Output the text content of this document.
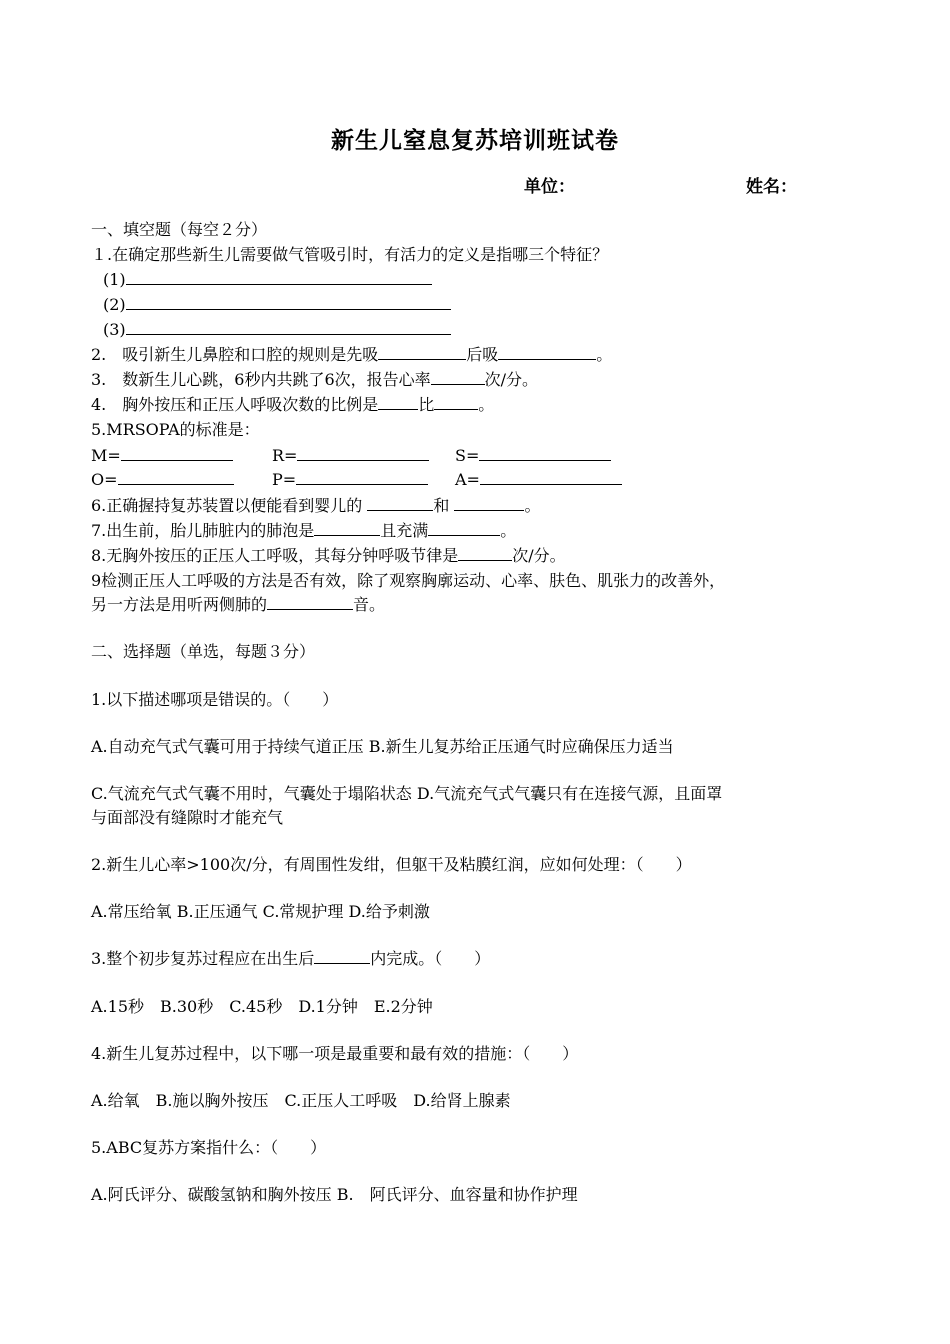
新生儿窒息复苏培训班试卷
单位：	姓名：
一、填空题（每空２分）
１.在确定那些新生儿需要做气管吸引时，有活力的定义是指哪三个特征？
(1)
(2)
(3)
2.　吸引新生儿鼻腔和口腔的规则是先吸	后吸	。
3.　数新生儿心跳，6秒内共跳了6次，报告心率	次/分。
4.　胸外按压和正压人呼吸次数的比例是	比	。
5.MRSOPA的标准是：
M=	R=	S=
O=	P=	A=
6.正确握持复苏装置以便能看到婴儿的	和	。
7.出生前，胎儿肺脏内的肺泡是	且充满	。
8.无胸外按压的正压人工呼吸，其每分钟呼吸节律是	次/分。
9检测正压人工呼吸的方法是否有效，除了观察胸廓运动、心率、肤色、肌张力的改善外，
另一方法是用听两侧肺的	音。
二、选择题（单选，每题３分）
1.以下描述哪项是错误的。（　　）
A.自动充气式气囊可用于持续气道正压 B.新生儿复苏给正压通气时应确保压力适当
C.气流充气式气囊不用时，气囊处于塌陷状态 D.气流充气式气囊只有在连接气源，且面罩
与面部没有缝隙时才能充气
2.新生儿心率>100次/分，有周围性发绀，但躯干及粘膜红润，应如何处理：（　　）
A.常压给氧 B.正压通气 C.常规护理 D.给予刺激
3.整个初步复苏过程应在出生后	内完成。（　　）
A.15秒　B.30秒　C.45秒　D.1分钟　E.2分钟
4.新生儿复苏过程中，以下哪一项是最重要和最有效的措施：（　　）
A.给氧　B.施以胸外按压　C.正压人工呼吸　D.给肾上腺素
5.ABC复苏方案指什么：（　　）
A.阿氏评分、碳酸氢钠和胸外按压 B.　阿氏评分、血容量和协作护理
